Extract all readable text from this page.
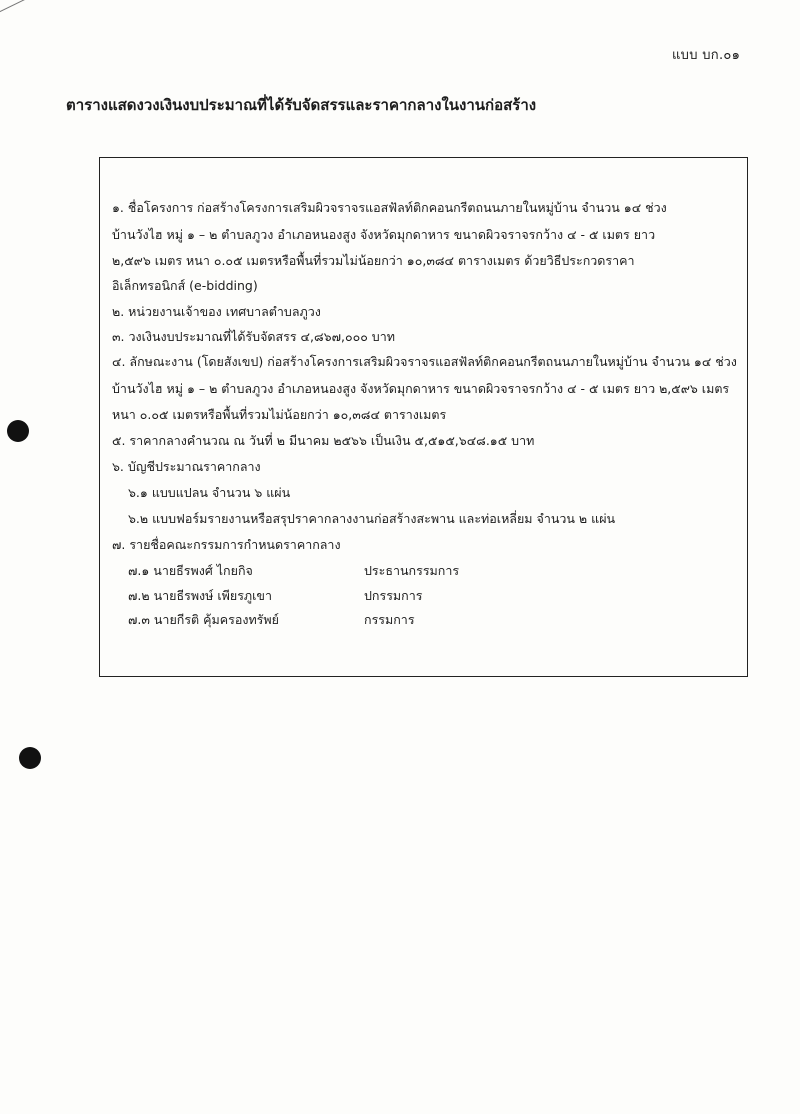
แบบ บก.๐๑
ตารางแสดงวงเงินงบประมาณที่ได้รับจัดสรรและราคากลางในงานก่อสร้าง
๑. ชื่อโครงการ ก่อสร้างโครงการเสริมผิวจราจรแอสฟัลท์ติกคอนกรีตถนนภายในหมู่บ้าน จำนวน ๑๔ ช่วง
บ้านวังไฮ หมู่ ๑ – ๒ ตำบลภูวง อำเภอหนองสูง จังหวัดมุกดาหาร ขนาดผิวจราจรกว้าง ๔ - ๕ เมตร ยาว
๒,๕๙๖ เมตร หนา ๐.๐๕ เมตรหรือพื้นที่รวมไม่น้อยกว่า ๑๐,๓๘๔ ตารางเมตร ด้วยวิธีประกวดราคา
อิเล็กทรอนิกส์ (e-bidding)
๒. หน่วยงานเจ้าของ เทศบาลตำบลภูวง
๓. วงเงินงบประมาณที่ได้รับจัดสรร ๔,๘๖๗,๐๐๐ บาท
๔. ลักษณะงาน (โดยสังเขป) ก่อสร้างโครงการเสริมผิวจราจรแอสฟัลท์ติกคอนกรีตถนนภายในหมู่บ้าน จำนวน ๑๔ ช่วง
บ้านวังไฮ หมู่ ๑ – ๒ ตำบลภูวง อำเภอหนองสูง จังหวัดมุกดาหาร ขนาดผิวจราจรกว้าง ๔ - ๕ เมตร ยาว ๒,๕๙๖ เมตร
หนา ๐.๐๕ เมตรหรือพื้นที่รวมไม่น้อยกว่า ๑๐,๓๘๔ ตารางเมตร
๕. ราคากลางคำนวณ ณ วันที่ ๒ มีนาคม ๒๕๖๖ เป็นเงิน ๕,๕๑๕,๖๔๘.๑๕ บาท
๖. บัญชีประมาณราคากลาง
๖.๑ แบบแปลน จำนวน ๖ แผ่น
๖.๒ แบบฟอร์มรายงานหรือสรุปราคากลางงานก่อสร้างสะพาน และท่อเหลี่ยม จำนวน ๒ แผ่น
๗. รายชื่อคณะกรรมการกำหนดราคากลาง
๗.๑ นายธีรพงศ์ ไกยกิจ	ประธานกรรมการ
๗.๒ นายธีรพงษ์ เพียรภูเขา	ปกรรมการ
๗.๓ นายกีรติ คุ้มครองทรัพย์	กรรมการ
